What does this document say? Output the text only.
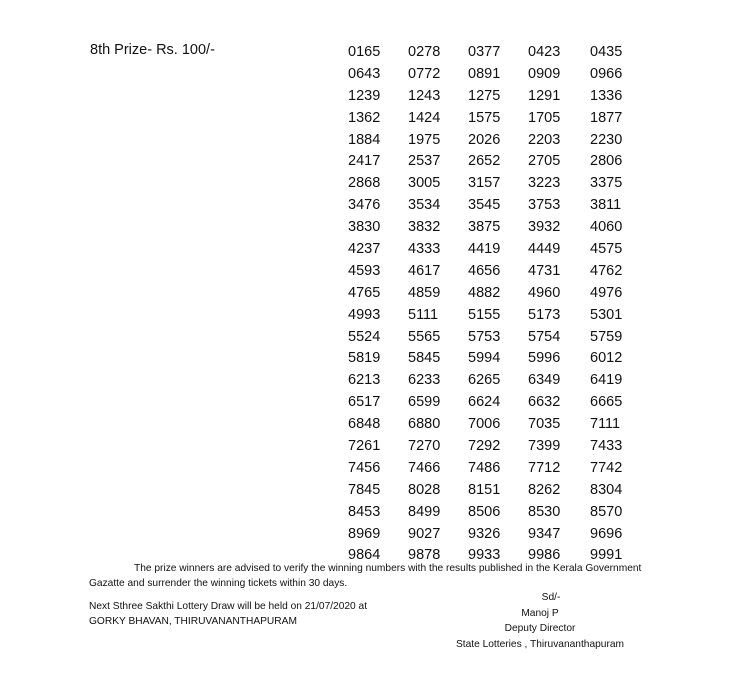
8th Prize- Rs. 100/-	0165	0278	0377	0423	0435
0643	0772	0891	0909	0966
1239	1243	1275	1291	1336
1362	1424	1575	1705	1877
1884	1975	2026	2203	2230
2417	2537	2652	2705	2806
2868	3005	3157	3223	3375
3476	3534	3545	3753	3811
3830	3832	3875	3932	4060
4237	4333	4419	4449	4575
4593	4617	4656	4731	4762
4765	4859	4882	4960	4976
4993	5111	5155	5173	5301
5524	5565	5753	5754	5759
5819	5845	5994	5996	6012
6213	6233	6265	6349	6419
6517	6599	6624	6632	6665
6848	6880	7006	7035	7111
7261	7270	7292	7399	7433
7456	7466	7486	7712	7742
7845	8028	8151	8262	8304
8453	8499	8506	8530	8570
8969	9027	9326	9347	9696
9864	9878	9933	9986	9991
The prize winners are advised to verify the winning numbers with the results published in the Kerala Government
Gazatte and surrender the winning tickets within 30 days.
Next Sthree Sakthi Lottery Draw will be held on 21/07/2020 at
GORKY BHAVAN, THIRUVANANTHAPURAM
Sd/-
Manoj P
Deputy Director
State Lotteries , Thiruvananthapuram
